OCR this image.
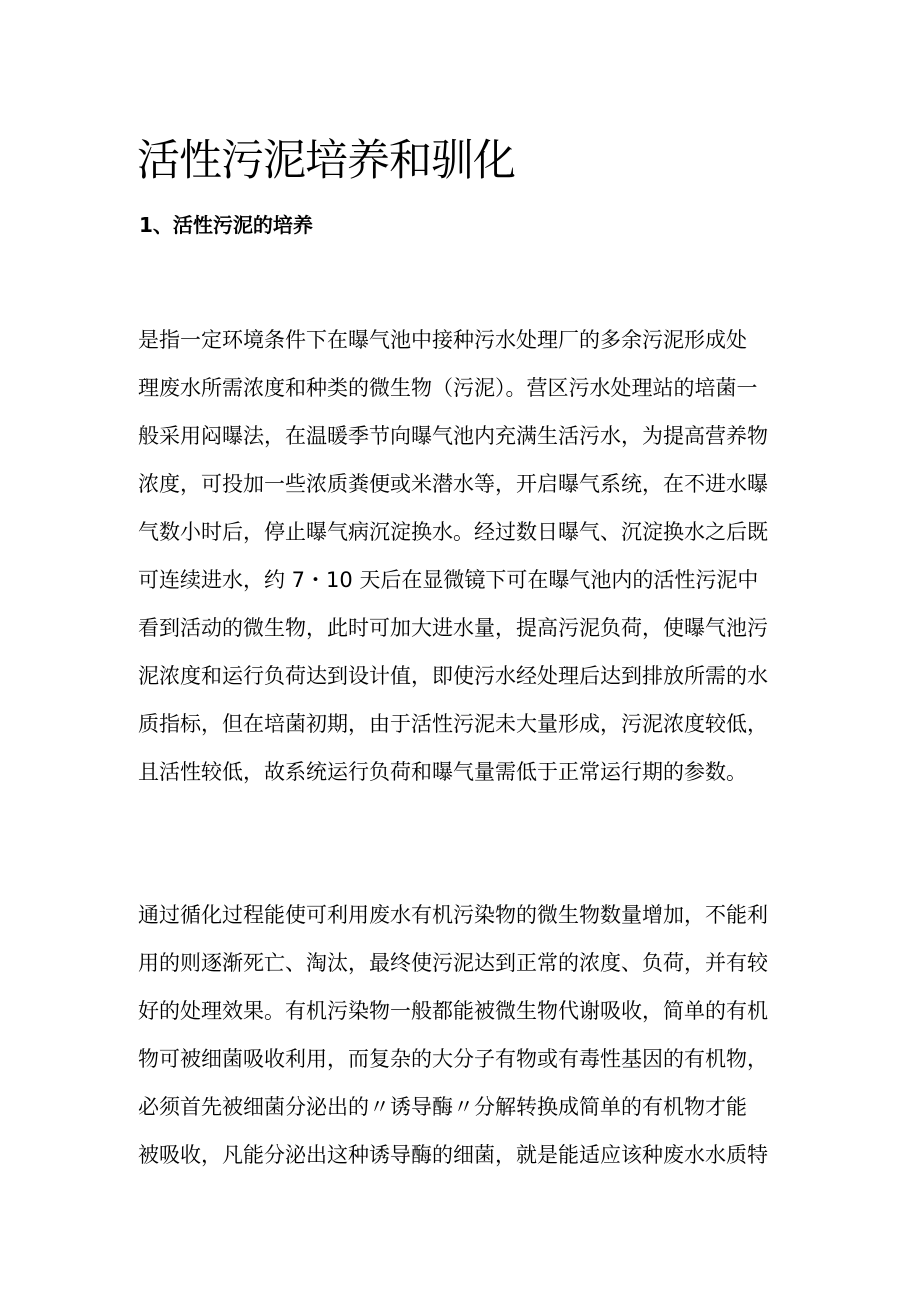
活性污泥培养和驯化
1、活性污泥的培养

是指一定环境条件下在曝气池中接种污水处理厂的多余污泥形成处
理废水所需浓度和种类的微生物（污泥）。营区污水处理站的培菌一
般采用闷曝法，在温暖季节向曝气池内充满生活污水，为提高营养物
浓度，可投加一些浓质粪便或米潜水等，开启曝气系统，在不进水曝
气数小时后，停止曝气病沉淀换水。经过数日曝气、沉淀换水之后既
可连续进水，约 7・10 天后在显微镜下可在曝气池内的活性污泥中
看到活动的微生物，此时可加大进水量，提高污泥负荷，使曝气池污
泥浓度和运行负荷达到设计值，即使污水经处理后达到排放所需的水
质指标，但在培菌初期，由于活性污泥未大量形成，污泥浓度较低，
且活性较低，故系统运行负荷和曝气量需低于正常运行期的参数。

通过循化过程能使可利用废水有机污染物的微生物数量增加，不能利
用的则逐渐死亡、淘汰，最终使污泥达到正常的浓度、负荷，并有较
好的处理效果。有机污染物一般都能被微生物代谢吸收，简单的有机
物可被细菌吸收利用，而复杂的大分子有物或有毒性基因的有机物，
必须首先被细菌分泌出的〃诱导酶〃分解转换成简单的有机物才能
被吸收，凡能分泌出这种诱导酶的细菌，就是能适应该种废水水质特
